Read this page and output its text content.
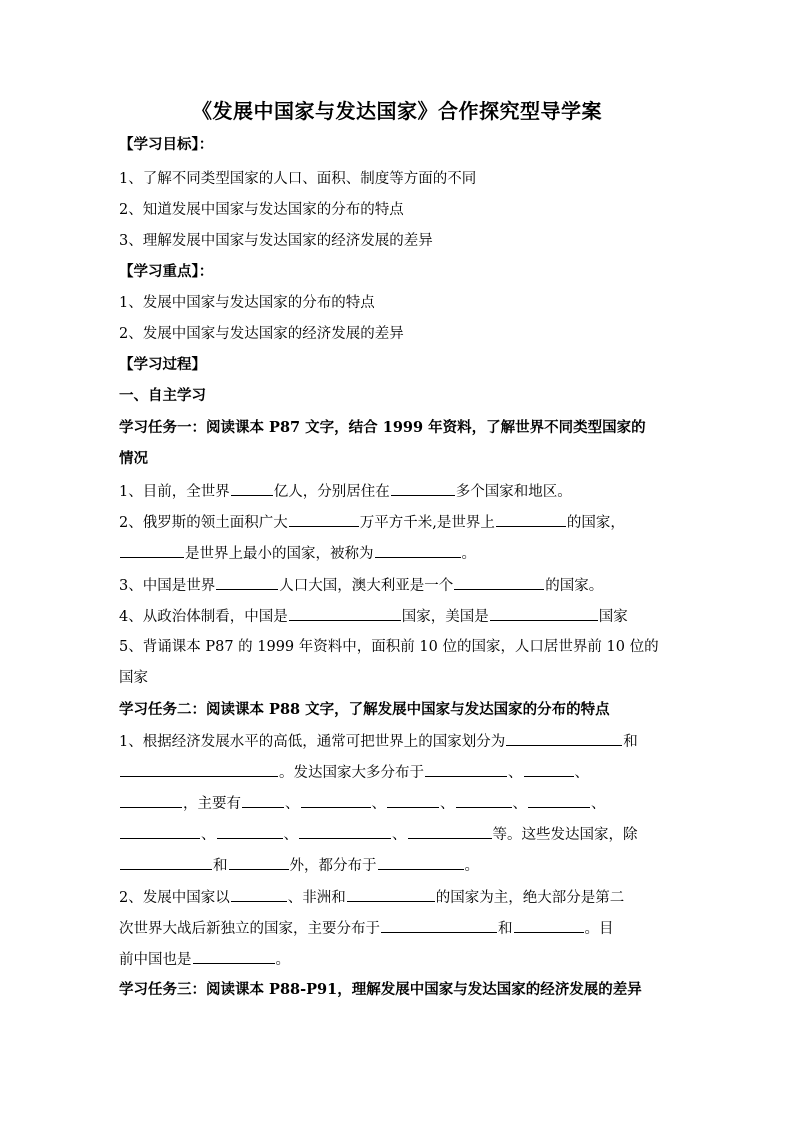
《发展中国家与发达国家》合作探究型导学案
【学习目标】：
1、了解不同类型国家的人口、面积、制度等方面的不同
2、知道发展中国家与发达国家的分布的特点
3、理解发展中国家与发达国家的经济发展的差异
【学习重点】：
1、发展中国家与发达国家的分布的特点
2、发展中国家与发达国家的经济发展的差异
【学习过程】
一、自主学习
学习任务一：阅读课本 P87 文字，结合 1999 年资料，了解世界不同类型国家的
情况
1、目前，全世界	亿人，分别居住在	多个国家和地区。
2、俄罗斯的领土面积广大	万平方千米,是世界上	的国家，
是世界上最小的国家，被称为	。
3、中国是世界	人口大国，澳大利亚是一个	的国家。
4、从政治体制看，中国是	国家，美国是	国家
5、背诵课本 P87 的 1999 年资料中，面积前 10 位的国家，人口居世界前 10 位的
国家
学习任务二：阅读课本 P88 文字，了解发展中国家与发达国家的分布的特点
1、根据经济发展水平的高低，通常可把世界上的国家划分为	和
。发达国家大多分布于	、	、
，主要有	、	、	、	、	、
、	、	、	等。这些发达国家，除
和	外，都分布于	。
2、发展中国家以	、非洲和	的国家为主，绝大部分是第二
次世界大战后新独立的国家，主要分布于	和	。目
前中国也是	。
学习任务三：阅读课本 P88-P91，理解发展中国家与发达国家的经济发展的差异
